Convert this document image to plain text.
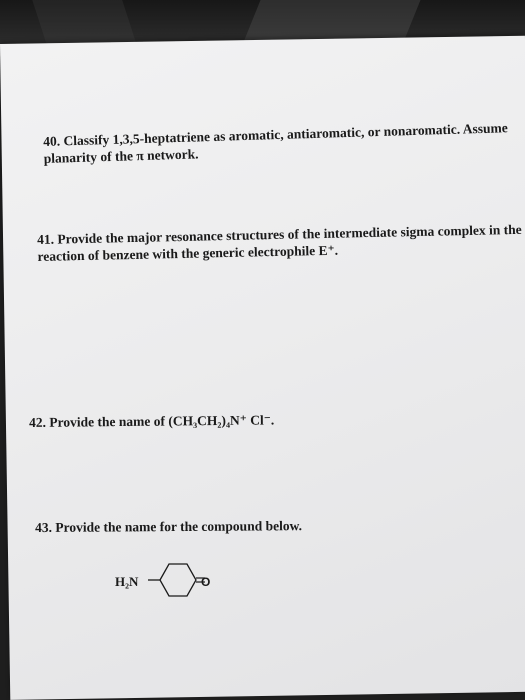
40. Classify 1,3,5-heptatriene as aromatic, antiaromatic, or nonaromatic. Assume
planarity of the π network.
41. Provide the major resonance structures of the intermediate sigma complex in the
reaction of benzene with the generic electrophile E⁺.
42. Provide the name of (CH₃CH₂)₄N⁺ Cl⁻.
43. Provide the name for the compound below.
H₂N	O
